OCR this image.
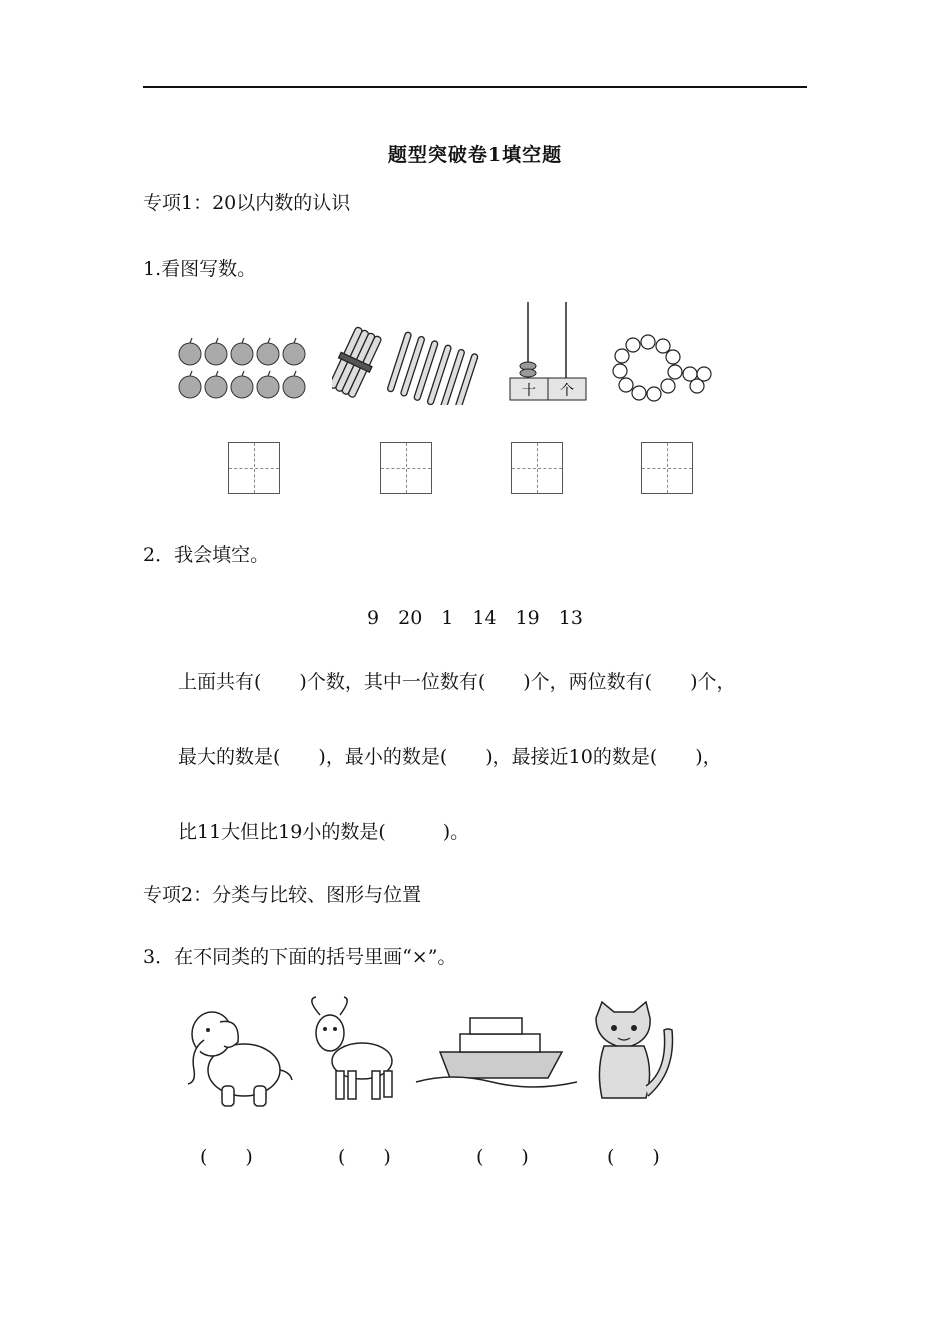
题型突破卷1填空题
专项1：20以内数的认识
1.看图写数。
十 个
2．我会填空。
9　20　1　14　19　13
上面共有(　　)个数，其中一位数有(　　)个，两位数有(　　)个，
最大的数是(　　)，最小的数是(　　)，最接近10的数是(　　)，
比11大但比19小的数是(　　　)。
专项2：分类与比较、图形与位置
3．在不同类的下面的括号里画“×”。
(　　)	(　　)	(　　)	(　　)
